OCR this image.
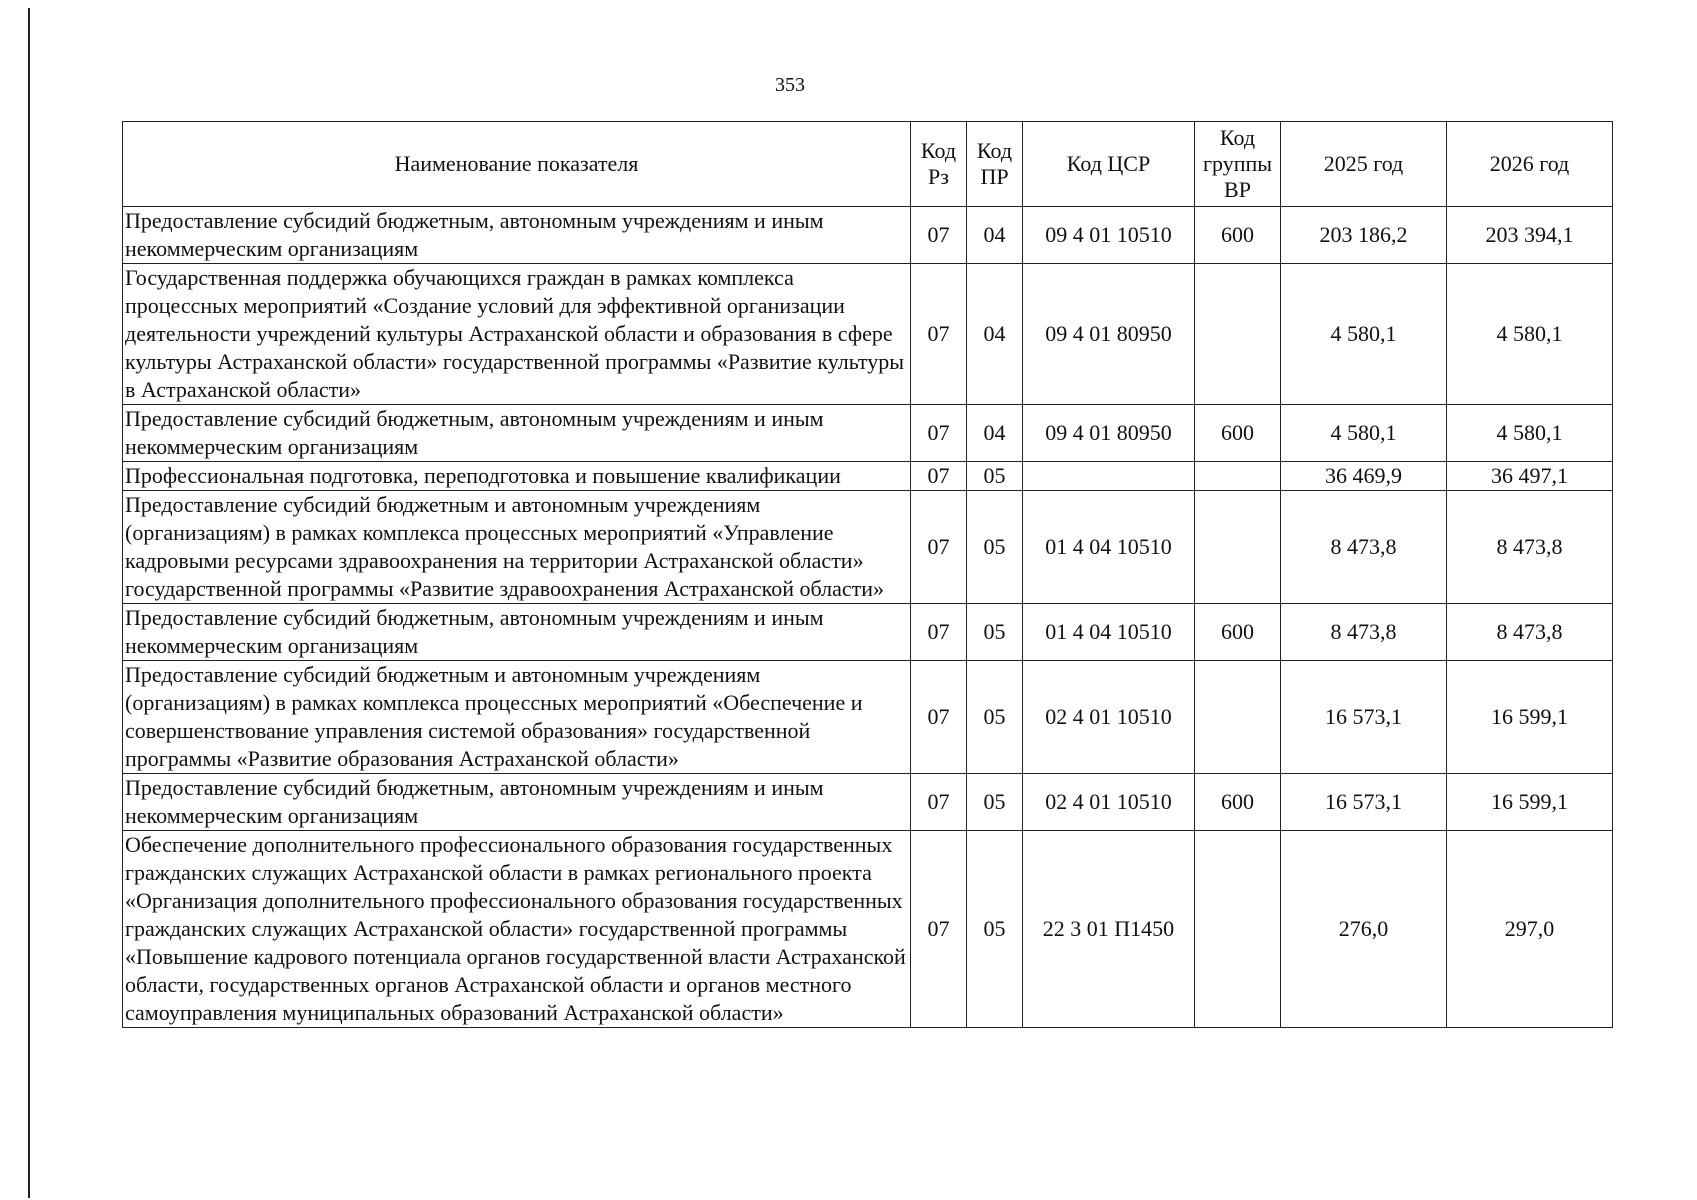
353
Наименование показателя	Код Рз	Код ПР	Код ЦСР	Код группы ВР	2025 год	2026 год
Предоставление субсидий бюджетным, автономным учреждениям и иным некоммерческим организациям	07	04	09 4 01 10510	600	203 186,2	203 394,1
Государственная поддержка обучающихся граждан в рамках комплекса процессных мероприятий «Создание условий для эффективной организации деятельности учреждений культуры Астраханской области и образования в сфере культуры Астраханской области» государственной программы «Развитие культуры в Астраханской области»	07	04	09 4 01 80950		4 580,1	4 580,1
Предоставление субсидий бюджетным, автономным учреждениям и иным некоммерческим организациям	07	04	09 4 01 80950	600	4 580,1	4 580,1
Профессиональная подготовка, переподготовка и повышение квалификации	07	05			36 469,9	36 497,1
Предоставление субсидий бюджетным и автономным учреждениям (организациям) в рамках комплекса процессных мероприятий «Управление кадровыми ресурсами здравоохранения на территории Астраханской области» государственной программы «Развитие здравоохранения Астраханской области»	07	05	01 4 04 10510		8 473,8	8 473,8
Предоставление субсидий бюджетным, автономным учреждениям и иным некоммерческим организациям	07	05	01 4 04 10510	600	8 473,8	8 473,8
Предоставление субсидий бюджетным и автономным учреждениям (организациям) в рамках комплекса процессных мероприятий «Обеспечение и совершенствование управления системой образования» государственной программы «Развитие образования Астраханской области»	07	05	02 4 01 10510		16 573,1	16 599,1
Предоставление субсидий бюджетным, автономным учреждениям и иным некоммерческим организациям	07	05	02 4 01 10510	600	16 573,1	16 599,1
Обеспечение дополнительного профессионального образования государственных гражданских служащих Астраханской области в рамках регионального проекта «Организация дополнительного профессионального образования государственных гражданских служащих Астраханской области» государственной программы «Повышение кадрового потенциала органов государственной власти Астраханской области, государственных органов Астраханской области и органов местного самоуправления муниципальных образований Астраханской области»	07	05	22 3 01 П1450		276,0	297,0
